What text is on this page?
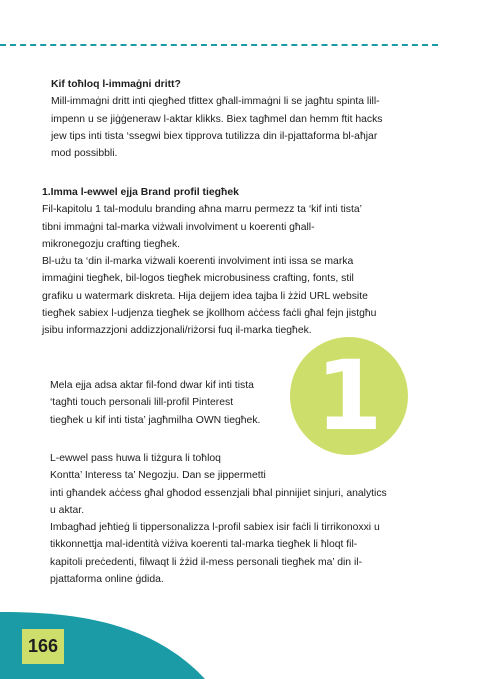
Kif toħloq l-immaġni dritt?

Mill-immaġni dritt inti qiegħed tfittex għall-immaġni li se jagħtu spinta lill-

impenn u se jiġġeneraw l-aktar klikks. Biex tagħmel dan hemm ftit hacks

jew tips inti tista ‘ssegwi biex tipprova tutilizza din il-pjattaforma bl-aħjar

mod possibbli.

1.Imma l-ewwel ejja Brand profil tiegħek

Fil-kapitolu 1 tal-modulu branding aħna marru permezz ta ‘kif inti tista’

tibni immaġni tal-marka viżwali involviment u koerenti għall-

mikronegozju crafting tiegħek.

Bl-użu ta ‘din il-marka viżwali koerenti involviment inti issa se marka

immaġini tiegħek, bil-logos tiegħek microbusiness crafting, fonts, stil

grafiku u watermark diskreta. Hija dejjem idea tajba li żżid URL website

tiegħek sabiex l-udjenza tiegħek se jkollhom aċċess faċli għal fejn jistgħu

jsibu informazzjoni addizzjonali/riżorsi fuq il-marka tiegħek.

1

Mela ejja adsa aktar fil-fond dwar kif inti tista

‘tagħti touch personali lill-profil Pinterest

tiegħek u kif inti tista’ jagħmilha OWN tiegħek.

L-ewwel pass huwa li tiżgura li toħloq

Kontta’ Interess ta’ Negozju. Dan se jippermetti

inti għandek aċċess għal għodod essenzjali bħal pinnijiet sinjuri, analytics

u aktar.

Imbagħad jeħtieġ li tippersonalizza l-profil sabiex isir faċli li tirrikonoxxi u

tikkonnettja mal-identità viżiva koerenti tal-marka tiegħek li ħloqt fil-

kapitoli preċedenti, filwaqt li żżid il-mess personali tiegħek ma’ din il-

pjattaforma online ġdida.

166
